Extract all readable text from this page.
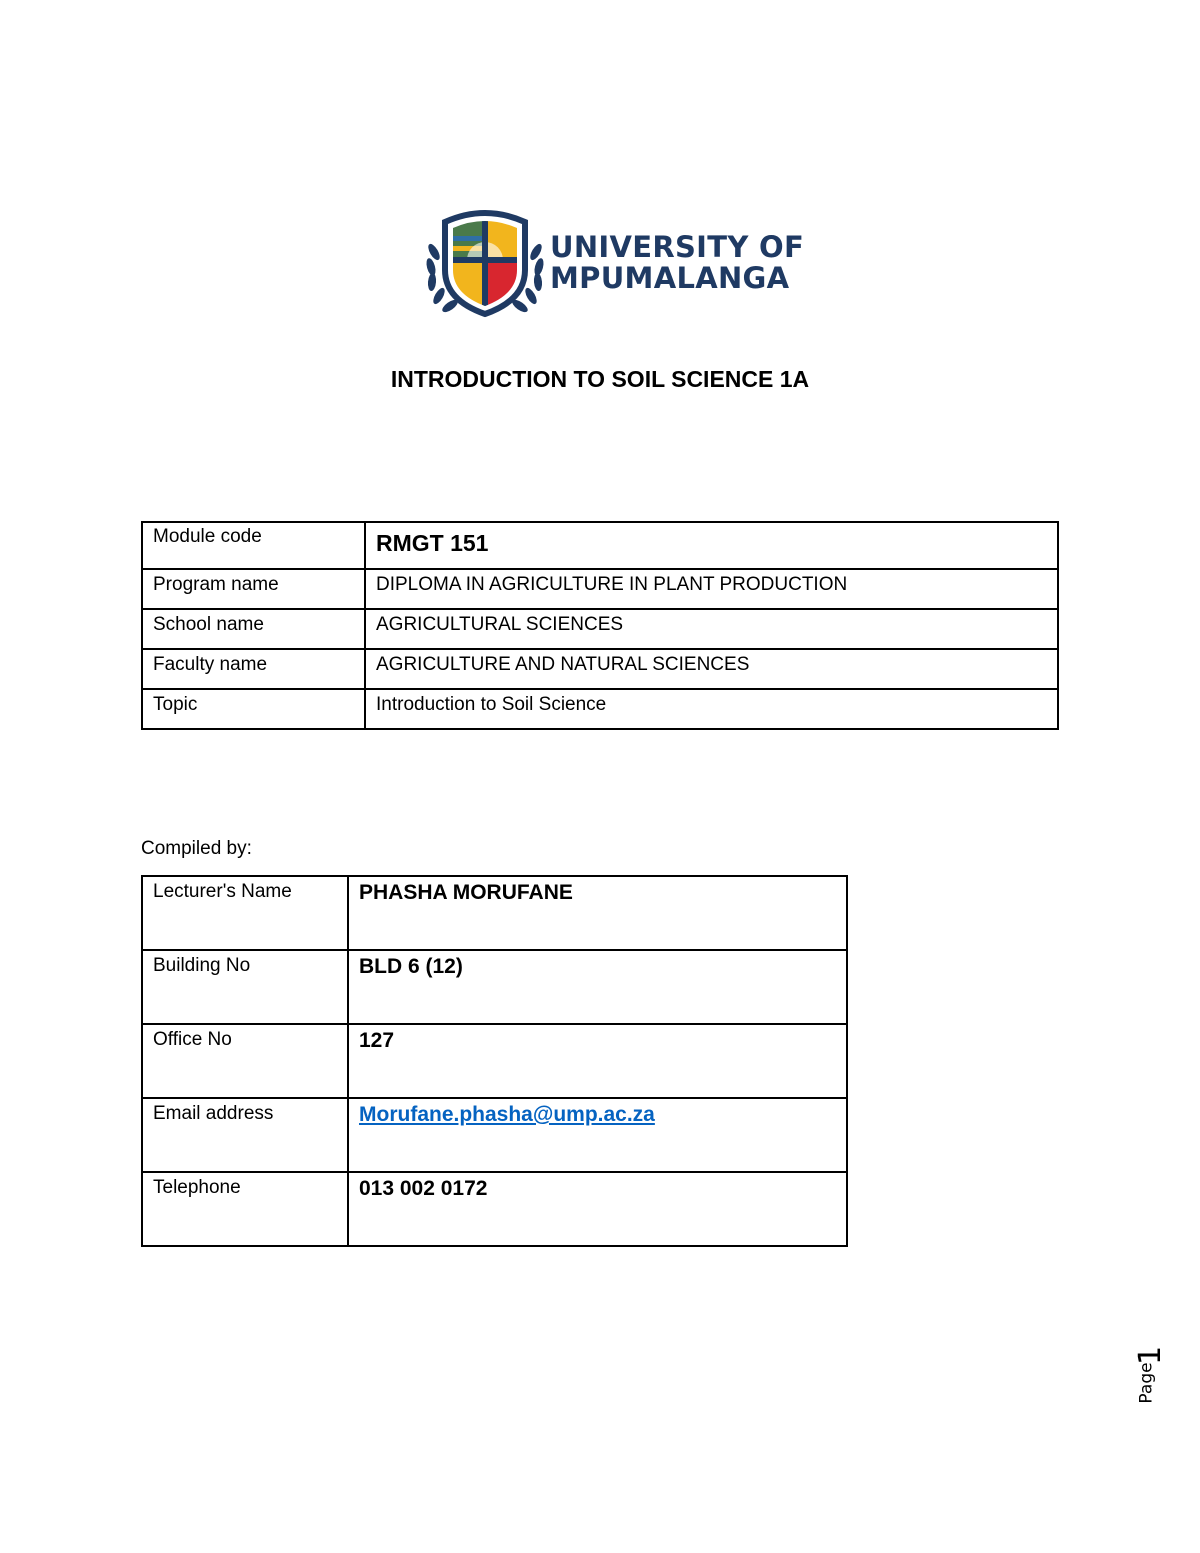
UNIVERSITY OF
MPUMALANGA
INTRODUCTION TO SOIL SCIENCE 1A
Module code	RMGT 151
Program name	DIPLOMA IN AGRICULTURE IN PLANT PRODUCTION
School name	AGRICULTURAL SCIENCES
Faculty name	AGRICULTURE AND NATURAL SCIENCES
Topic	Introduction to Soil Science
Compiled by:
Lecturer's Name	PHASHA MORUFANE
Building No	BLD 6 (12)
Office No	127
Email address	Morufane.phasha@ump.ac.za
Telephone	013 002 0172
Page
1
